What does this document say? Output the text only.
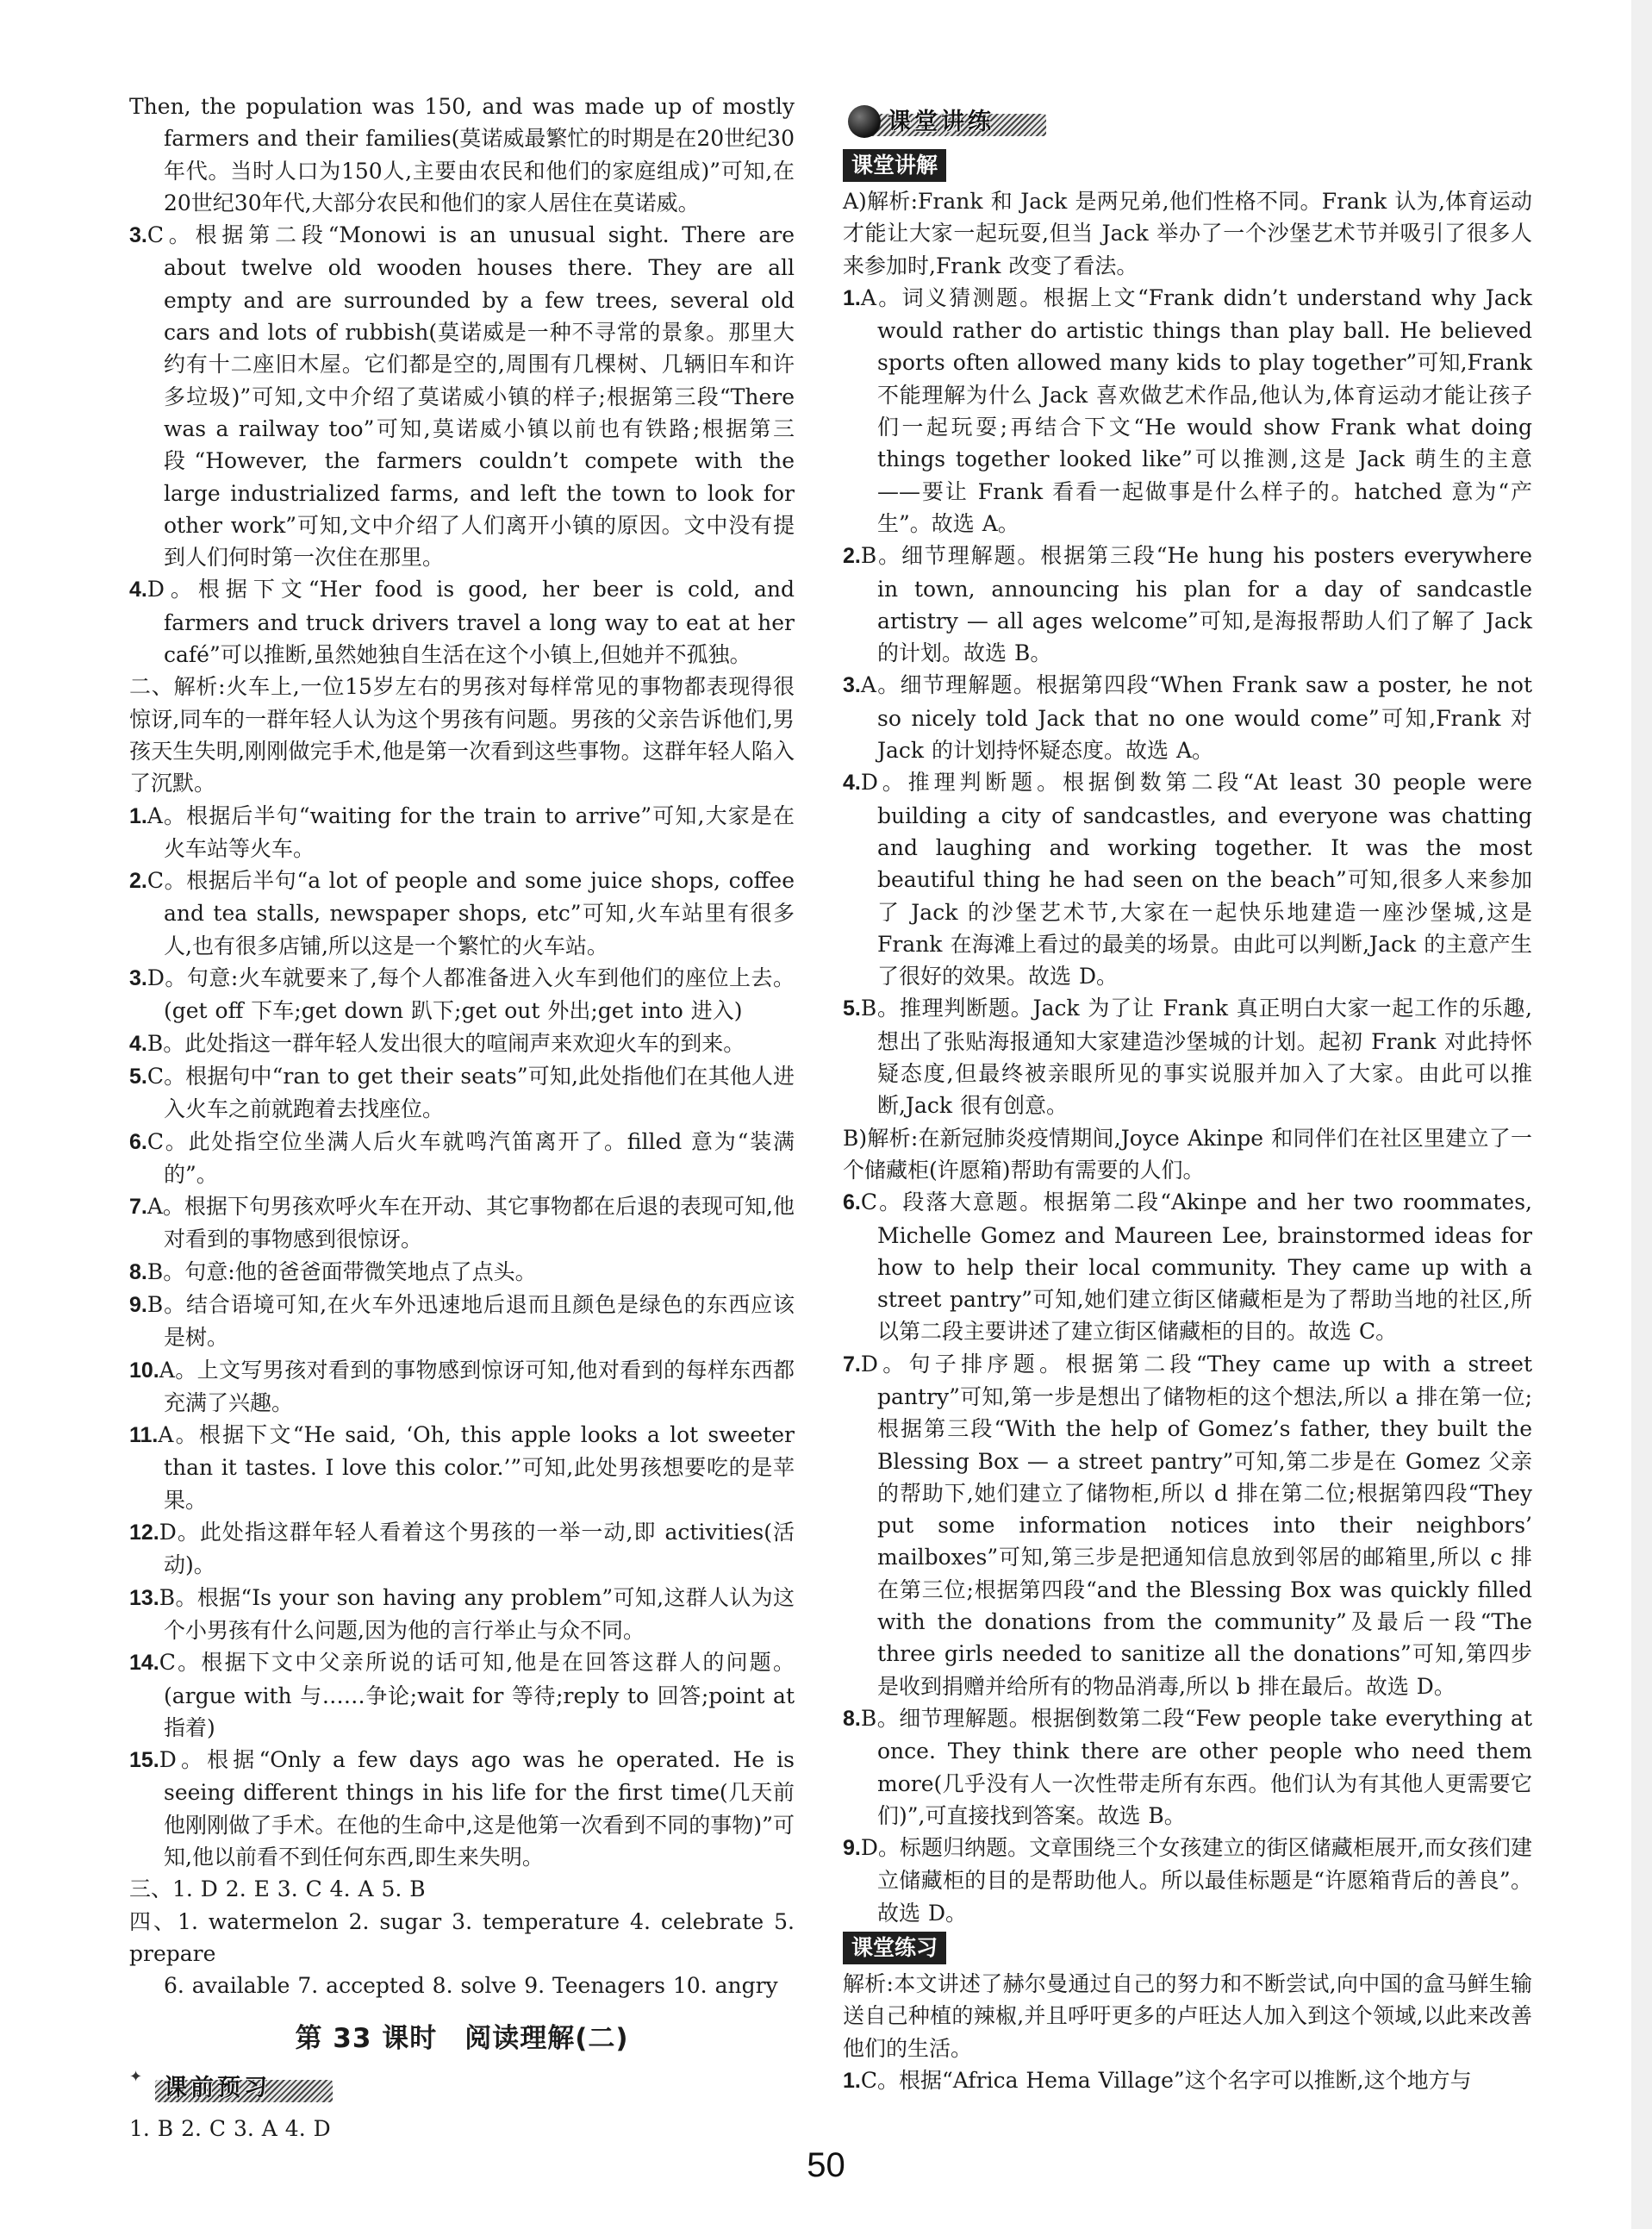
Then, the population was 150, and was made up of mostly farmers and their families(莫诺威最繁忙的时期是在20世纪30年代。当时人口为150人,主要由农民和他们的家庭组成)”可知,在20世纪30年代,大部分农民和他们的家人居住在莫诺威。

3.C。根据第二段“Monowi is an unusual sight. There are about twelve old wooden houses there. They are all empty and are surrounded by a few trees, several old cars and lots of rubbish(莫诺威是一种不寻常的景象。那里大约有十二座旧木屋。它们都是空的,周围有几棵树、几辆旧车和许多垃圾)”可知,文中介绍了莫诺威小镇的样子;根据第三段“There was a railway too”可知,莫诺威小镇以前也有铁路;根据第三段“However, the farmers couldn’t compete with the large industrialized farms, and left the town to look for other work”可知,文中介绍了人们离开小镇的原因。文中没有提到人们何时第一次住在那里。

4.D。根据下文“Her food is good, her beer is cold, and farmers and truck drivers travel a long way to eat at her café”可以推断,虽然她独自生活在这个小镇上,但她并不孤独。

二、解析:火车上,一位15岁左右的男孩对每样常见的事物都表现得很惊讶,同车的一群年轻人认为这个男孩有问题。男孩的父亲告诉他们,男孩天生失明,刚刚做完手术,他是第一次看到这些事物。这群年轻人陷入了沉默。

1.A。根据后半句“waiting for the train to arrive”可知,大家是在火车站等火车。

2.C。根据后半句“a lot of people and some juice shops, coffee and tea stalls, newspaper shops, etc”可知,火车站里有很多人,也有很多店铺,所以这是一个繁忙的火车站。

3.D。句意:火车就要来了,每个人都准备进入火车到他们的座位上去。(get off 下车;get down 趴下;get out 外出;get into 进入)

4.B。此处指这一群年轻人发出很大的喧闹声来欢迎火车的到来。

5.C。根据句中“ran to get their seats”可知,此处指他们在其他人进入火车之前就跑着去找座位。

6.C。此处指空位坐满人后火车就鸣汽笛离开了。filled 意为“装满的”。

7.A。根据下句男孩欢呼火车在开动、其它事物都在后退的表现可知,他对看到的事物感到很惊讶。

8.B。句意:他的爸爸面带微笑地点了点头。

9.B。结合语境可知,在火车外迅速地后退而且颜色是绿色的东西应该是树。

10.A。上文写男孩对看到的事物感到惊讶可知,他对看到的每样东西都充满了兴趣。

11.A。根据下文“He said, ‘Oh, this apple looks a lot sweeter than it tastes. I love this color.’”可知,此处男孩想要吃的是苹果。

12.D。此处指这群年轻人看着这个男孩的一举一动,即 activities(活动)。

13.B。根据“Is your son having any problem”可知,这群人认为这个小男孩有什么问题,因为他的言行举止与众不同。

14.C。根据下文中父亲所说的话可知,他是在回答这群人的问题。(argue with 与……争论;wait for 等待;reply to 回答;point at 指着)

15.D。根据“Only a few days ago was he operated. He is seeing different things in his life for the first time(几天前他刚刚做了手术。在他的生命中,这是他第一次看到不同的事物)”可知,他以前看不到任何东西,即生来失明。

三、1. D 2. E 3. C 4. A 5. B

四、1. watermelon 2. sugar 3. temperature 4. celebrate 5. prepare

6. available 7. accepted 8. solve 9. Teenagers 10. angry

第 33 课时　阅读理解(二)
✦ 课前预习

1. B 2. C 3. A 4. D

课堂讲练
课堂讲解

A)解析:Frank 和 Jack 是两兄弟,他们性格不同。Frank 认为,体育运动才能让大家一起玩耍,但当 Jack 举办了一个沙堡艺术节并吸引了很多人来参加时,Frank 改变了看法。

1.A。词义猜测题。根据上文“Frank didn’t understand why Jack would rather do artistic things than play ball. He believed sports often allowed many kids to play together”可知,Frank 不能理解为什么 Jack 喜欢做艺术作品,他认为,体育运动才能让孩子们一起玩耍;再结合下文“He would show Frank what doing things together looked like”可以推测,这是 Jack 萌生的主意——要让 Frank 看看一起做事是什么样子的。hatched 意为“产生”。故选 A。

2.B。细节理解题。根据第三段“He hung his posters everywhere in town, announcing his plan for a day of sandcastle artistry — all ages welcome”可知,是海报帮助人们了解了 Jack 的计划。故选 B。

3.A。细节理解题。根据第四段“When Frank saw a poster, he not so nicely told Jack that no one would come”可知,Frank 对 Jack 的计划持怀疑态度。故选 A。

4.D。推理判断题。根据倒数第二段“At least 30 people were building a city of sandcastles, and everyone was chatting and laughing and working together. It was the most beautiful thing he had seen on the beach”可知,很多人来参加了 Jack 的沙堡艺术节,大家在一起快乐地建造一座沙堡城,这是 Frank 在海滩上看过的最美的场景。由此可以判断,Jack 的主意产生了很好的效果。故选 D。

5.B。推理判断题。Jack 为了让 Frank 真正明白大家一起工作的乐趣,想出了张贴海报通知大家建造沙堡城的计划。起初 Frank 对此持怀疑态度,但最终被亲眼所见的事实说服并加入了大家。由此可以推断,Jack 很有创意。

B)解析:在新冠肺炎疫情期间,Joyce Akinpe 和同伴们在社区里建立了一个储藏柜(许愿箱)帮助有需要的人们。

6.C。段落大意题。根据第二段“Akinpe and her two roommates, Michelle Gomez and Maureen Lee, brainstormed ideas for how to help their local community. They came up with a street pantry”可知,她们建立街区储藏柜是为了帮助当地的社区,所以第二段主要讲述了建立街区储藏柜的目的。故选 C。

7.D。句子排序题。根据第二段“They came up with a street pantry”可知,第一步是想出了储物柜的这个想法,所以 a 排在第一位;根据第三段“With the help of Gomez’s father, they built the Blessing Box — a street pantry”可知,第二步是在 Gomez 父亲的帮助下,她们建立了储物柜,所以 d 排在第二位;根据第四段“They put some information notices into their neighbors’ mailboxes”可知,第三步是把通知信息放到邻居的邮箱里,所以 c 排在第三位;根据第四段“and the Blessing Box was quickly filled with the donations from the community”及最后一段“The three girls needed to sanitize all the donations”可知,第四步是收到捐赠并给所有的物品消毒,所以 b 排在最后。故选 D。

8.B。细节理解题。根据倒数第二段“Few people take everything at once. They think there are other people who need them more(几乎没有人一次性带走所有东西。他们认为有其他人更需要它们)”,可直接找到答案。故选 B。

9.D。标题归纳题。文章围绕三个女孩建立的街区储藏柜展开,而女孩们建立储藏柜的目的是帮助他人。所以最佳标题是“许愿箱背后的善良”。故选 D。

课堂练习

解析:本文讲述了赫尔曼通过自己的努力和不断尝试,向中国的盒马鲜生输送自己种植的辣椒,并且呼吁更多的卢旺达人加入到这个领域,以此来改善他们的生活。

1.C。根据“Africa Hema Village”这个名字可以推断,这个地方与

50
